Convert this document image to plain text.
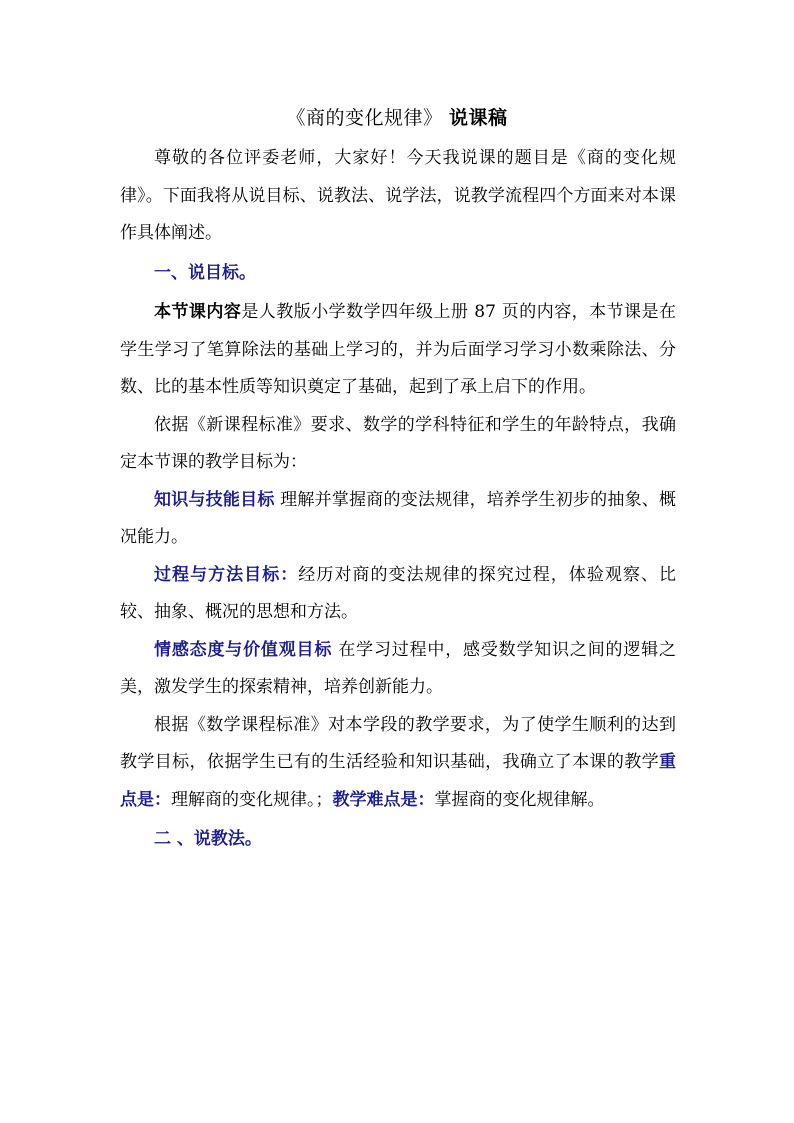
《商的变化规律》 说课稿

尊敬的各位评委老师，大家好！今天我说课的题目是《商的变化规律》。下面我将从说目标、说教法、说学法，说教学流程四个方面来对本课作具体阐述。

一、说目标。

本节课内容是人教版小学数学四年级上册 87 页的内容，本节课是在学生学习了笔算除法的基础上学习的，并为后面学习学习小数乘除法、分数、比的基本性质等知识奠定了基础，起到了承上启下的作用。

依据《新课程标准》要求、数学的学科特征和学生的年龄特点，我确定本节课的教学目标为：

知识与技能目标 理解并掌握商的变法规律，培养学生初步的抽象、概况能力。

过程与方法目标：经历对商的变法规律的探究过程，体验观察、比较、抽象、概况的思想和方法。

情感态度与价值观目标 在学习过程中，感受数学知识之间的逻辑之美，激发学生的探索精神，培养创新能力。

根据《数学课程标准》对本学段的教学要求，为了使学生顺利的达到教学目标，依据学生已有的生活经验和知识基础，我确立了本课的教学重点是：理解商的变化规律。；教学难点是：掌握商的变化规律解。

二 、说教法。
